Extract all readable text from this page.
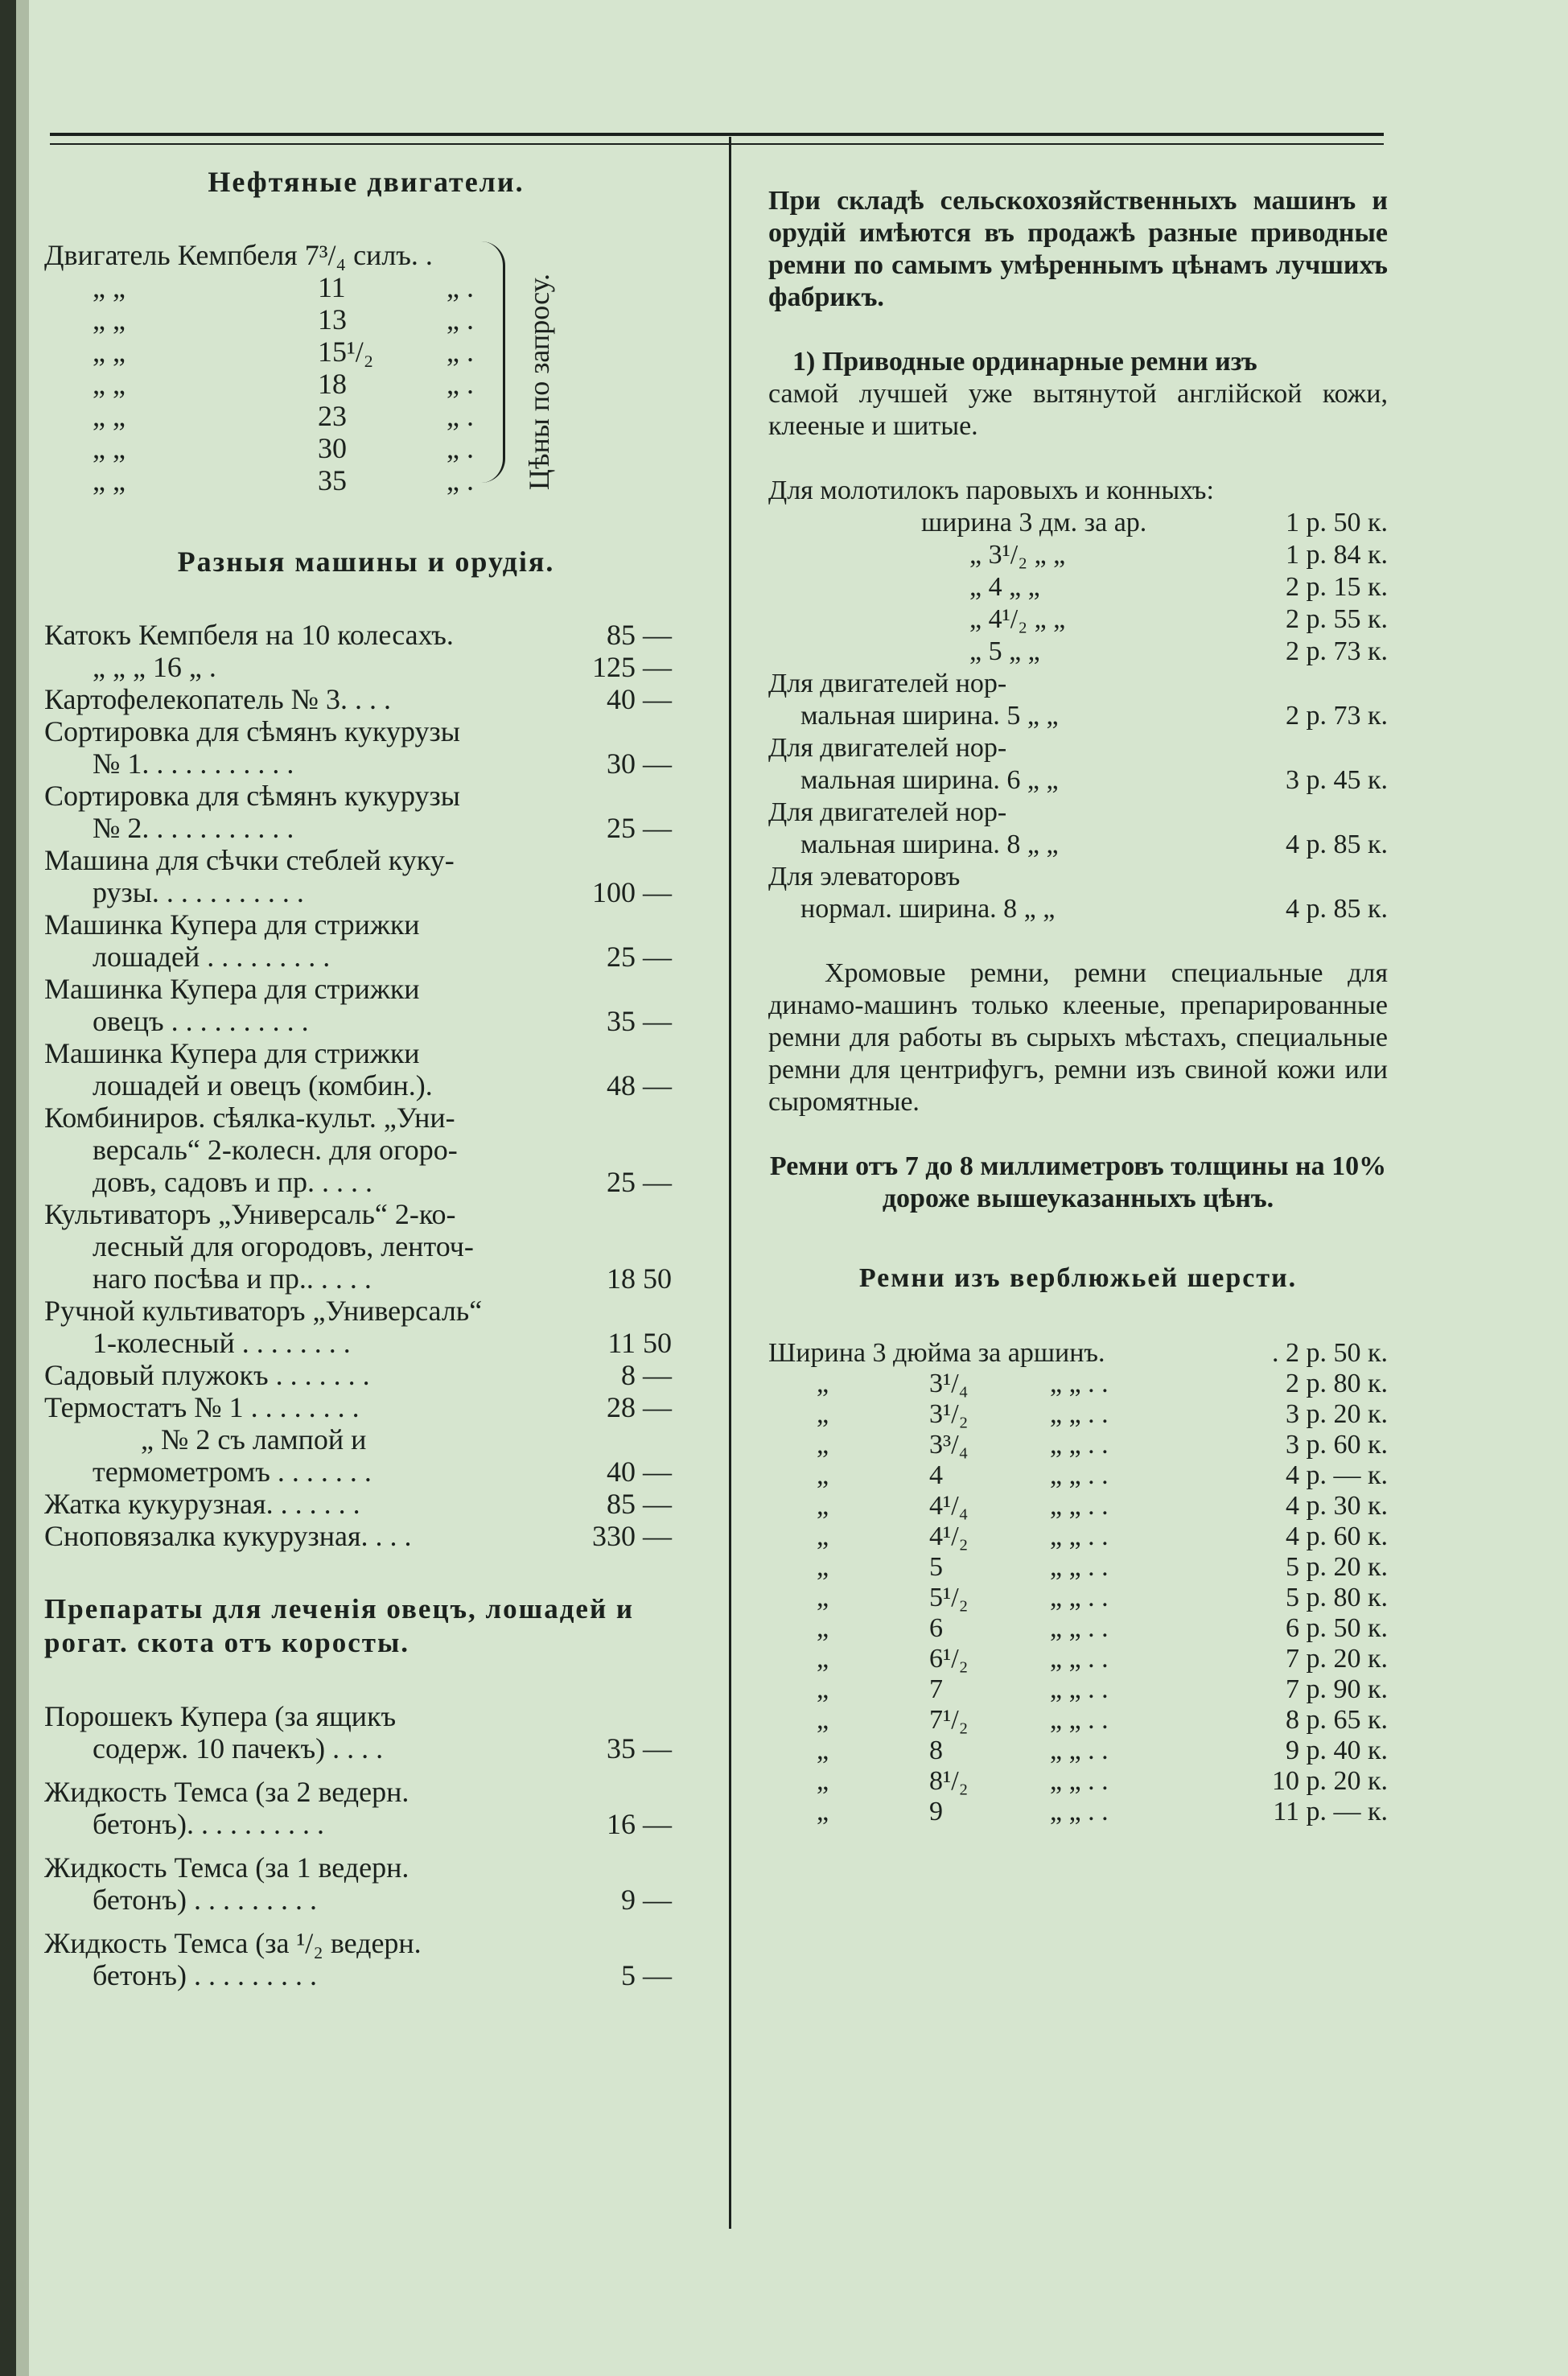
Нефтяные двигатели.
Двигатель Кемпбеля 7³/₄ силъ. .
„ „	11	„ .
„ „	13	„ .
„ „	15¹/₂	„ .
„ „	18	„ .
„ „	23	„ .
„ „	30	„ .
„ „	35	„ .
Разныя машины и орудія.
Катокъ Кемпбеля на 10 колесахъ.	85 —
„ „ „ 16 „ .	125 —
Картофелекопатель № 3. . . .	40 —
Сортировка для сѣмянъ кукурузы
№ 1. . . . . . . . . . .	30 —
Сортировка для сѣмянъ кукурузы
№ 2. . . . . . . . . . .	25 —
Машина для сѣчки стеблей куку-
рузы. . . . . . . . . . .	100 —
Машинка Купера для стрижки
лошадей . . . . . . . . .	25 —
Машинка Купера для стрижки
овецъ . . . . . . . . . .	35 —
Машинка Купера для стрижки
лошадей и овецъ (комбин.).	48 —
Комбиниров. сѣялка-культ. „Уни-
версаль“ 2-колесн. для огоро-
довъ, садовъ и пр. . . . .	25 —
Культиваторъ „Универсаль“ 2-ко-
лесный для огородовъ, ленточ-
наго посѣва и пр.. . . . .	18 50
Ручной культиваторъ „Универсаль“
1-колесный . . . . . . . .	11 50
Садовый плужокъ . . . . . . .	8 —
Термостатъ № 1 . . . . . . . .	28 —
„ № 2 съ лампой и
термометромъ . . . . . . .	40 —
Жатка кукурузная. . . . . . .	85 —
Сноповязалка кукурузная. . . .	330 —
Препараты для леченія овецъ, лошадей и рогат. скота отъ коросты.
Порошекъ Купера (за ящикъ
содерж. 10 пачекъ) . . . .	35 —
Жидкость Темса (за 2 ведерн.
бетонъ). . . . . . . . . .	16 —
Жидкость Темса (за 1 ведерн.
бетонъ) . . . . . . . . .	9 —
Жидкость Темса (за ¹/₂ ведерн.
бетонъ) . . . . . . . . .	5 —
Цѣны по запросу.
При складѣ сельскохозяйственныхъ машинъ и орудій имѣются въ продажѣ разные приводные ремни по самымъ умѣреннымъ цѣнамъ лучшихъ фабрикъ.
1) Приводные ординарные ремни изъ
самой лучшей уже вытянутой англійской кожи, клееные и шитые.
Для молотилокъ паровыхъ и конныхъ:
ширина 3 дм. за ар.	1 р. 50 к.
„ 3¹/₂ „ „	1 р. 84 к.
„ 4 „ „	2 р. 15 к.
„ 4¹/₂ „ „	2 р. 55 к.
„ 5 „ „	2 р. 73 к.
Для двигателей нор-
мальная ширина. 5 „ „	2 р. 73 к.
Для двигателей нор-
мальная ширина. 6 „ „	3 р. 45 к.
Для двигателей нор-
мальная ширина. 8 „ „	4 р. 85 к.
Для элеваторовъ
нормал. ширина. 8 „ „	4 р. 85 к.
Хромовые ремни, ремни специальные для динамо-машинъ только клееные, препарированные ремни для работы въ сырыхъ мѣстахъ, специальные ремни для центрифугъ, ремни изъ свиной кожи или сыромятные.
Ремни отъ 7 до 8 миллиметровъ толщины на 10% дороже вышеуказанныхъ цѣнъ.
Ремни изъ верблюжьей шерсти.
Ширина 3 дюйма за аршинъ.	. 2 р. 50 к.
„	3¹/₄	„ „ . .	2 р. 80 к.
„	3¹/₂	„ „ . .	3 р. 20 к.
„	3³/₄	„ „ . .	3 р. 60 к.
„	4	„ „ . .	4 р. — к.
„	4¹/₄	„ „ . .	4 р. 30 к.
„	4¹/₂	„ „ . .	4 р. 60 к.
„	5	„ „ . .	5 р. 20 к.
„	5¹/₂	„ „ . .	5 р. 80 к.
„	6	„ „ . .	6 р. 50 к.
„	6¹/₂	„ „ . .	7 р. 20 к.
„	7	„ „ . .	7 р. 90 к.
„	7¹/₂	„ „ . .	8 р. 65 к.
„	8	„ „ . .	9 р. 40 к.
„	8¹/₂	„ „ . .	10 р. 20 к.
„	9	„ „ . .	11 р. — к.
